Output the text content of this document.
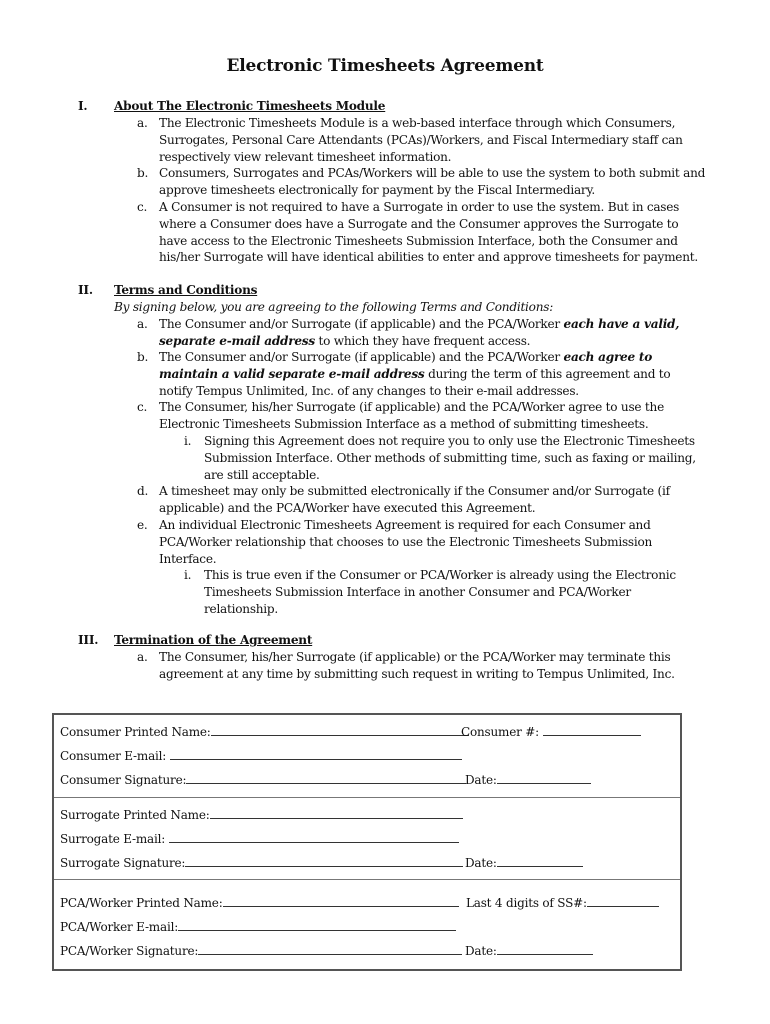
Electronic Timesheets Agreement
I. About The Electronic Timesheets Module
a. The Electronic Timesheets Module is a web-based interface through which Consumers, Surrogates, Personal Care Attendants (PCAs)/Workers, and Fiscal Intermediary staff can respectively view relevant timesheet information.
b. Consumers, Surrogates and PCAs/Workers will be able to use the system to both submit and approve timesheets electronically for payment by the Fiscal Intermediary.
c. A Consumer is not required to have a Surrogate in order to use the system. But in cases where a Consumer does have a Surrogate and the Consumer approves the Surrogate to have access to the Electronic Timesheets Submission Interface, both the Consumer and his/her Surrogate will have identical abilities to enter and approve timesheets for payment.
II. Terms and Conditions
By signing below, you are agreeing to the following Terms and Conditions:
a. The Consumer and/or Surrogate (if applicable) and the PCA/Worker each have a valid, separate e-mail address to which they have frequent access.
b. The Consumer and/or Surrogate (if applicable) and the PCA/Worker each agree to maintain a valid separate e-mail address during the term of this agreement and to notify Tempus Unlimited, Inc. of any changes to their e-mail addresses.
c. The Consumer, his/her Surrogate (if applicable) and the PCA/Worker agree to use the Electronic Timesheets Submission Interface as a method of submitting timesheets.
i.	Signing this Agreement does not require you to only use the Electronic Timesheets Submission Interface. Other methods of submitting time, such as faxing or mailing, are still acceptable.
d. A timesheet may only be submitted electronically if the Consumer and/or Surrogate (if applicable) and the PCA/Worker have executed this Agreement.
e. An individual Electronic Timesheets Agreement is required for each Consumer and PCA/Worker relationship that chooses to use the Electronic Timesheets Submission Interface.
i.	This is true even if the Consumer or PCA/Worker is already using the Electronic Timesheets Submission Interface in another Consumer and PCA/Worker relationship.
III. Termination of the Agreement
a. The Consumer, his/her Surrogate (if applicable) or the PCA/Worker may terminate this agreement at any time by submitting such request in writing to Tempus Unlimited, Inc.
Consumer Printed Name:	Consumer #:
Consumer E-mail:
Consumer Signature:	Date:
Surrogate Printed Name:
Surrogate E-mail:
Surrogate Signature:	Date:
PCA/Worker Printed Name:	Last 4 digits of SS#:
PCA/Worker E-mail:
PCA/Worker Signature:	Date:
